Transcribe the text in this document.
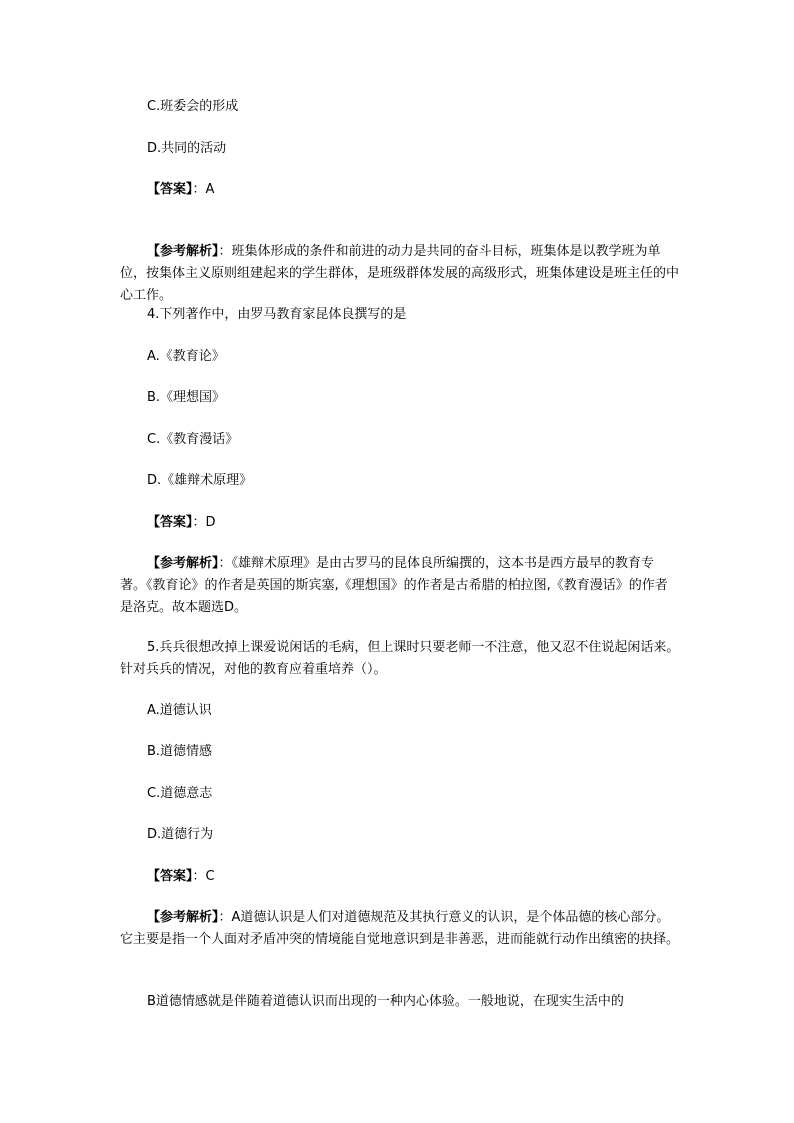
C.班委会的形成
D.共同的活动
【答案】：A
【参考解析】：班集体形成的条件和前进的动力是共同的奋斗目标，班集体是以教学班为单位，按集体主义原则组建起来的学生群体，是班级群体发展的高级形式，班集体建设是班主任的中心工作。
4.下列著作中，由罗马教育家昆体良撰写的是
A.《教育论》
B.《理想国》
C.《教育漫话》
D.《雄辩术原理》
【答案】：D
【参考解析】：《雄辩术原理》是由古罗马的昆体良所编撰的，这本书是西方最早的教育专著。《教育论》的作者是英国的斯宾塞,《理想国》的作者是古希腊的柏拉图,《教育漫话》的作者是洛克。故本题选D。
5.兵兵很想改掉上课爱说闲话的毛病，但上课时只要老师一不注意，他又忍不住说起闲话来。针对兵兵的情况，对他的教育应着重培养（）。
A.道德认识
B.道德情感
C.道德意志
D.道德行为
【答案】：C
【参考解析】：A道德认识是人们对道德规范及其执行意义的认识，是个体品德的核心部分。它主要是指一个人面对矛盾冲突的情境能自觉地意识到是非善恶，进而能就行动作出缜密的抉择。
B道德情感就是伴随着道德认识而出现的一种内心体验。一般地说，在现实生活中的
